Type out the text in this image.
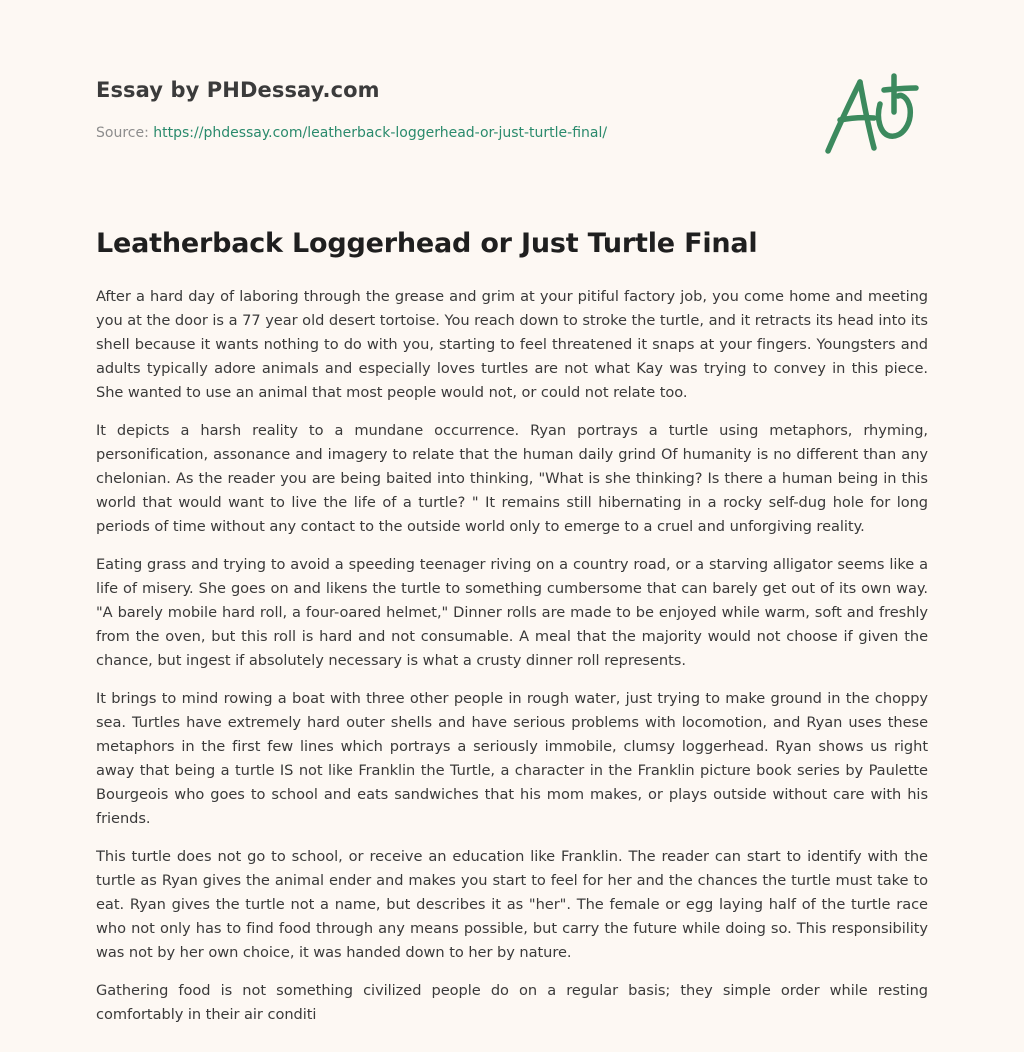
Essay by PHDessay.com
Source: https://phdessay.com/leatherback-loggerhead-or-just-turtle-final/
Leatherback Loggerhead or Just Turtle Final

After a hard day of laboring through the grease and grim at your pitiful factory job, you come home and meeting you at the door is a 77 year old desert tortoise. You reach down to stroke the turtle, and it retracts its head into its shell because it wants nothing to do with you, starting to feel threatened it snaps at your fingers. Youngsters and adults typically adore animals and especially loves turtles are not what Kay was trying to convey in this piece. She wanted to use an animal that most people would not, or could not relate too.

It depicts a harsh reality to a mundane occurrence. Ryan portrays a turtle using metaphors, rhyming, personification, assonance and imagery to relate that the human daily grind Of humanity is no different than any chelonian. As the reader you are being baited into thinking, "What is she thinking? Is there a human being in this world that would want to live the life of a turtle? " It remains still hibernating in a rocky self-dug hole for long periods of time without any contact to the outside world only to emerge to a cruel and unforgiving reality.

Eating grass and trying to avoid a speeding teenager riving on a country road, or a starving alligator seems like a life of misery. She goes on and likens the turtle to something cumbersome that can barely get out of its own way. "A barely mobile hard roll, a four-oared helmet," Dinner rolls are made to be enjoyed while warm, soft and freshly from the oven, but this roll is hard and not consumable. A meal that the majority would not choose if given the chance, but ingest if absolutely necessary is what a crusty dinner roll represents.

It brings to mind rowing a boat with three other people in rough water, just trying to make ground in the choppy sea. Turtles have extremely hard outer shells and have serious problems with locomotion, and Ryan uses these metaphors in the first few lines which portrays a seriously immobile, clumsy loggerhead. Ryan shows us right away that being a turtle IS not like Franklin the Turtle, a character in the Franklin picture book series by Paulette Bourgeois who goes to school and eats sandwiches that his mom makes, or plays outside without care with his friends.

This turtle does not go to school, or receive an education like Franklin. The reader can start to identify with the turtle as Ryan gives the animal ender and makes you start to feel for her and the chances the turtle must take to eat. Ryan gives the turtle not a name, but describes it as "her". The female or egg laying half of the turtle race who not only has to find food through any means possible, but carry the future while doing so. This responsibility was not by her own choice, it was handed down to her by nature.

Gathering food is not something civilized people do on a regular basis; they simple order while resting comfortably in their air conditi
